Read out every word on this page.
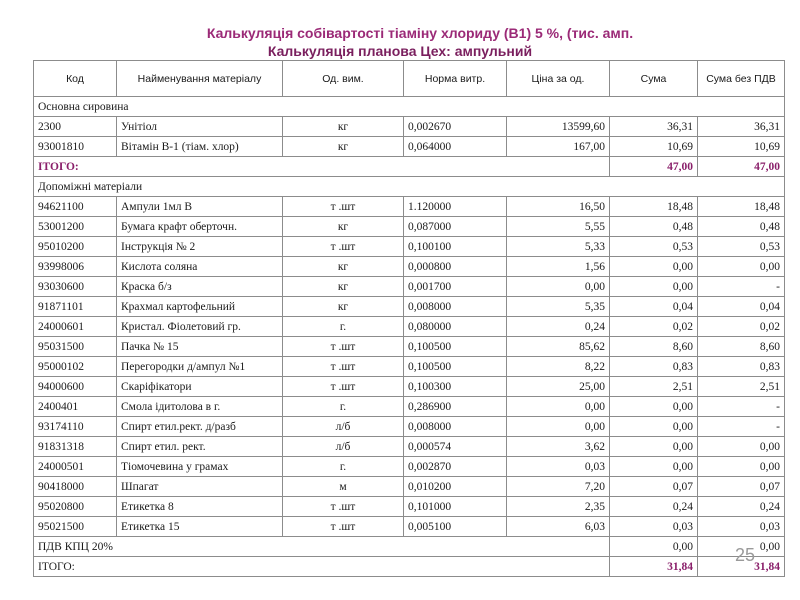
Калькуляція собівартості тіаміну хлориду (В1) 5 %, (тис. амп.
Калькуляція планова Цех: ампульний
Код	Найменування матеріалу	Од. вим.	Норма витр.	Ціна за од.	Сума	Сума без ПДВ
Основна сировина						
2300	Унітіол	кг	0,002670	13599,60	36,31	36,31
93001810	Вітамін В-1 (тіам. хлор)	кг	0,064000	167,00	10,69	10,69
ІТОГО:					47,00	47,00
Допоміжні матеріали						
94621100	Ампули 1мл В	т .шт	1.120000	16,50	18,48	18,48
53001200	Бумага крафт оберточн.	кг	0,087000	5,55	0,48	0,48
95010200	Інструкція № 2	т .шт	0,100100	5,33	0,53	0,53
93998006	Кислота соляна	кг	0,000800	1,56	0,00	0,00
93030600	Краска б/з	кг	0,001700	0,00	0,00	-
91871101	Крахмал картофельний	кг	0,008000	5,35	0,04	0,04
24000601	Кристал. Фіолетовий гр.	г.	0,080000	0,24	0,02	0,02
95031500	Пачка № 15	т .шт	0,100500	85,62	8,60	8,60
95000102	Перегородки д/ампул №1	т .шт	0,100500	8,22	0,83	0,83
94000600	Скаріфікатори	т .шт	0,100300	25,00	2,51	2,51
2400401	Смола ідитолова в г.	г.	0,286900	0,00	0,00	-
93174110	Спирт етил.рект. д/разб	л/б	0,008000	0,00	0,00	-
91831318	Спирт етил. рект.	л/б	0,000574	3,62	0,00	0,00
24000501	Тіомочевина у грамах	г.	0,002870	0,03	0,00	0,00
90418000	Шпагат	м	0,010200	7,20	0,07	0,07
95020800	Етикетка 8	т .шт	0,101000	2,35	0,24	0,24
95021500	Етикетка 15	т .шт	0,005100	6,03	0,03	0,03
ПДВ КПЦ 20%					0,00	0,00
ІТОГО:					31,84	31,84
25
